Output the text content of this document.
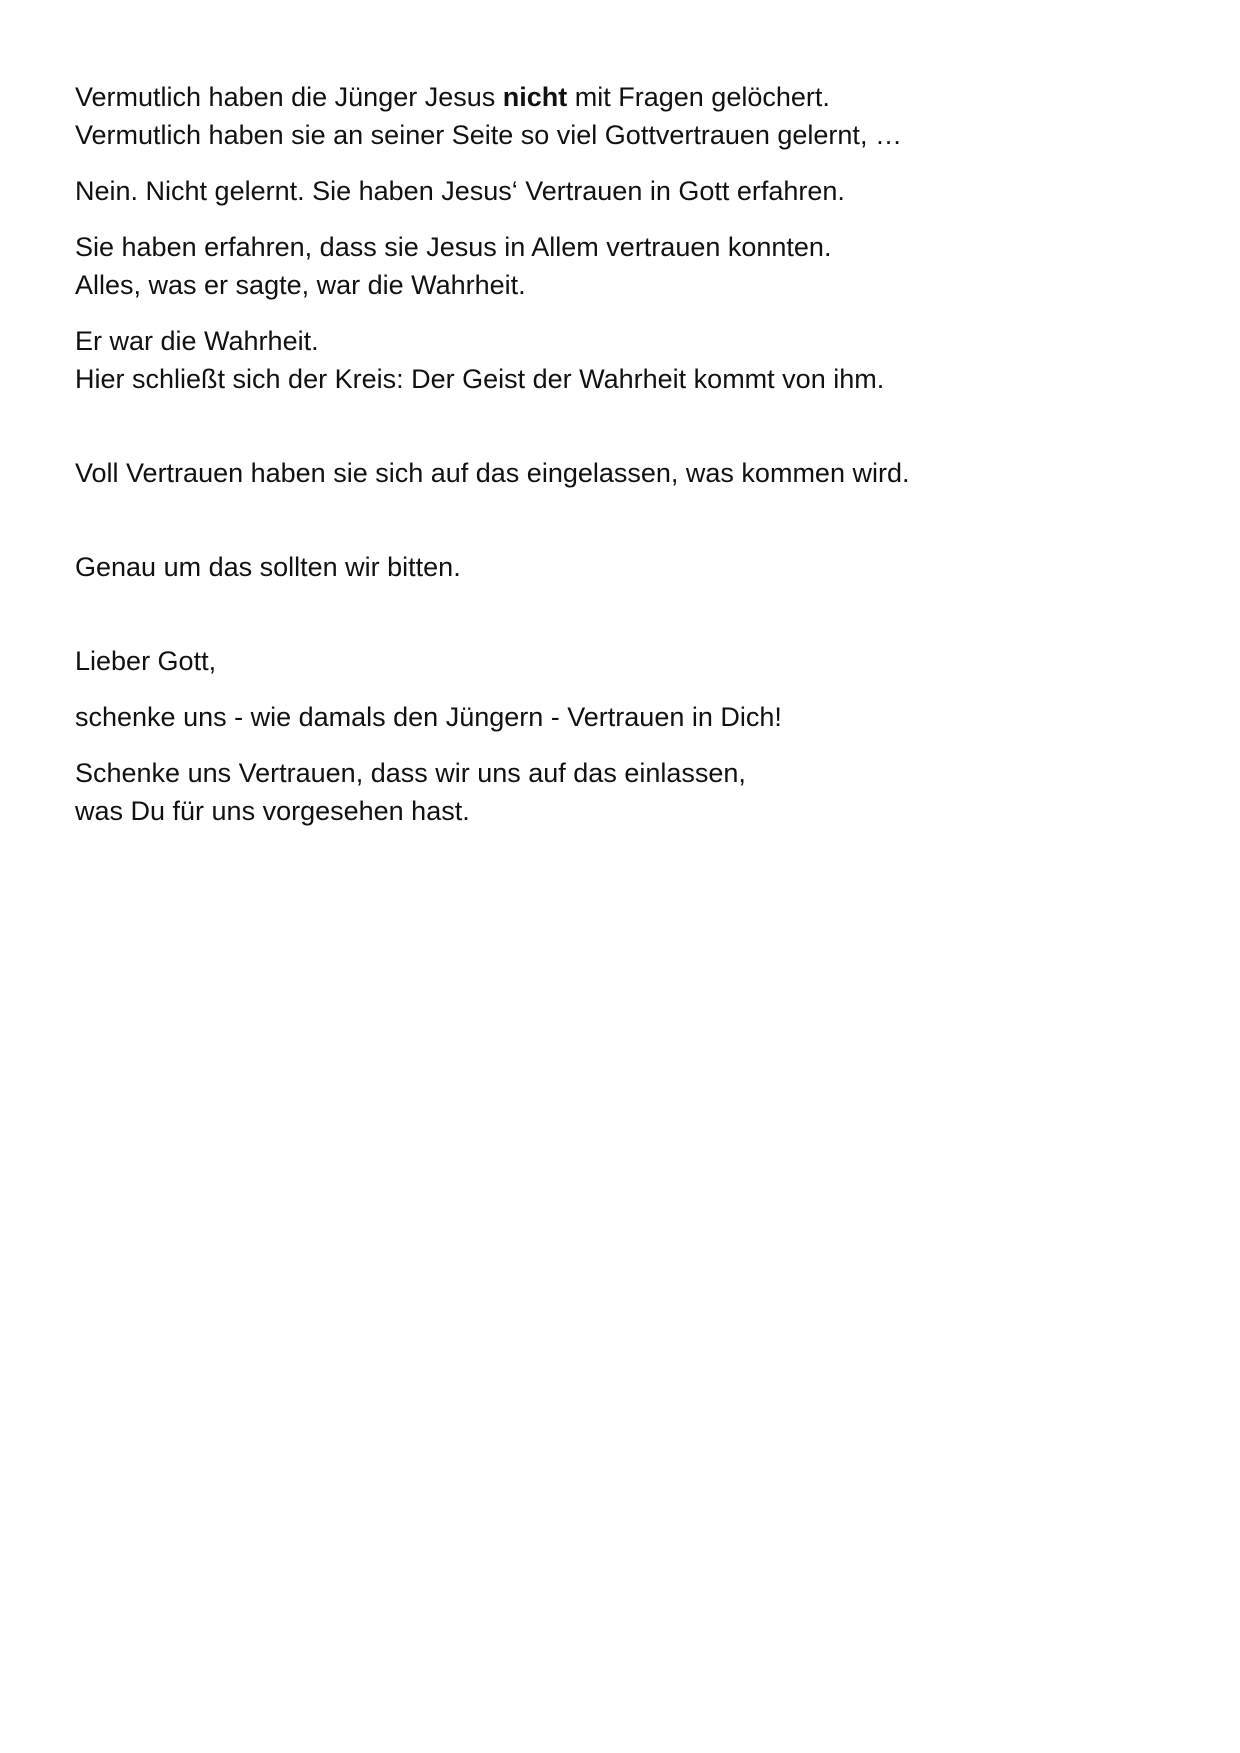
Vermutlich haben die Jünger Jesus nicht mit Fragen gelöchert.
Vermutlich haben sie an seiner Seite so viel Gottvertrauen gelernt, …

Nein. Nicht gelernt. Sie haben Jesus‘ Vertrauen in Gott erfahren.

Sie haben erfahren, dass sie Jesus in Allem vertrauen konnten.
Alles, was er sagte, war die Wahrheit.

Er war die Wahrheit.
Hier schließt sich der Kreis: Der Geist der Wahrheit kommt von ihm.

Voll Vertrauen haben sie sich auf das eingelassen, was kommen wird.

Genau um das sollten wir bitten.

Lieber Gott,

schenke uns - wie damals den Jüngern - Vertrauen in Dich!

Schenke uns Vertrauen, dass wir uns auf das einlassen,
was Du für uns vorgesehen hast.
